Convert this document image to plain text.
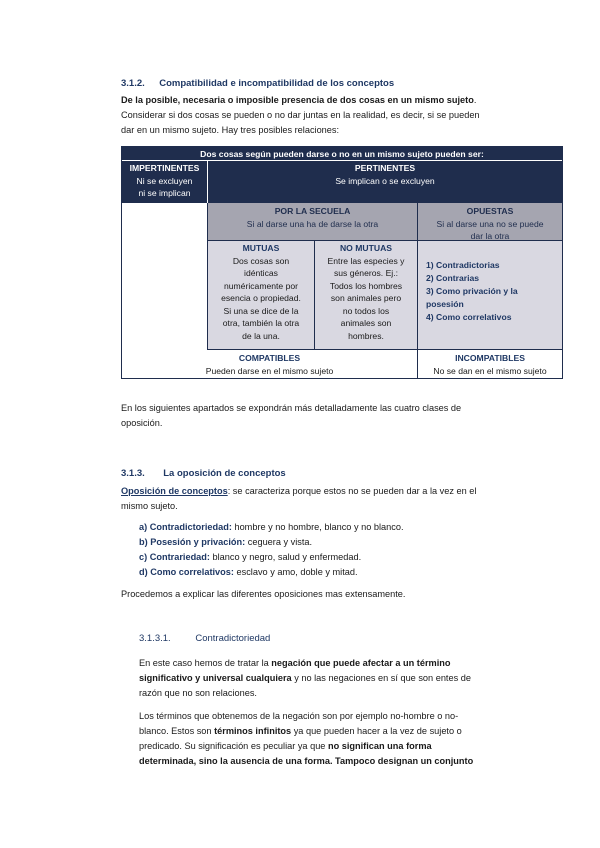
3.1.2. Compatibilidad e incompatibilidad de los conceptos
De la posible, necesaria o imposible presencia de dos cosas en un mismo sujeto.
Considerar si dos cosas se pueden o no dar juntas en la realidad, es decir, si se pueden
dar en un mismo sujeto. Hay tres posibles relaciones:
Dos cosas según pueden darse o no en un mismo sujeto pueden ser:
IMPERTINENTES
Ni se excluyen
ni se implican
PERTINENTES
Se implican o se excluyen
POR LA SECUELA
Si al darse una ha de darse la otra
OPUESTAS
Si al darse una no se puede
dar la otra
MUTUAS
Dos cosas son
idénticas
numéricamente por
esencia o propiedad.
Si una se dice de la
otra, también la otra
de la una.
NO MUTUAS
Entre las especies y
sus géneros. Ej.:
Todos los hombres
son animales pero
no todos los
animales son
hombres.
1) Contradictorias
2) Contrarias
3) Como privación y la
posesión
4) Como correlativos
COMPATIBLES
Pueden darse en el mismo sujeto
INCOMPATIBLES
No se dan en el mismo sujeto
En los siguientes apartados se expondrán más detalladamente las cuatro clases de
oposición.
3.1.3. La oposición de conceptos
Oposición de conceptos: se caracteriza porque estos no se pueden dar a la vez en el
mismo sujeto.
a) Contradictoriedad: hombre y no hombre, blanco y no blanco.
b) Posesión y privación: ceguera y vista.
c) Contrariedad: blanco y negro, salud y enfermedad.
d) Como correlativos: esclavo y amo, doble y mitad.
Procedemos a explicar las diferentes oposiciones mas extensamente.
3.1.3.1.	Contradictoriedad
En este caso hemos de tratar la negación que puede afectar a un término
significativo y universal cualquiera y no las negaciones en sí que son entes de
razón que no son relaciones.
Los términos que obtenemos de la negación son por ejemplo no-hombre o no-
blanco. Estos son términos infinitos ya que pueden hacer a la vez de sujeto o
predicado. Su significación es peculiar ya que no significan una forma
determinada, sino la ausencia de una forma. Tampoco designan un conjunto
